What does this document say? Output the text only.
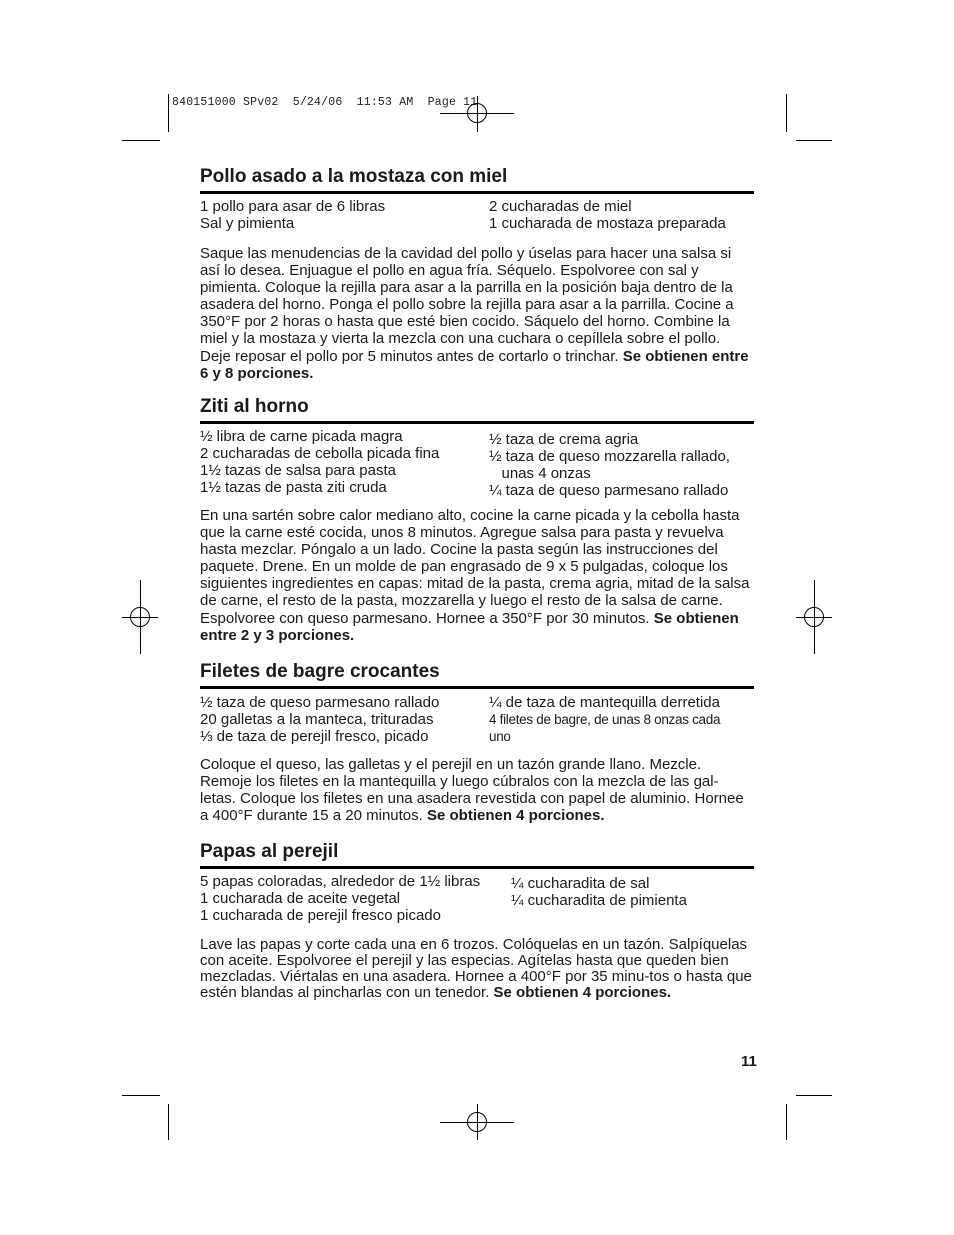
840151000 SPv02  5/24/06  11:53 AM  Page 11
Pollo asado a la mostaza con miel
1 pollo para asar de 6 libras
Sal y pimienta
2 cucharadas de miel
1 cucharada de mostaza preparada

Saque las menudencias de la cavidad del pollo y úselas para hacer una salsa si así lo desea. Enjuague el pollo en agua fría. Séquelo. Espolvoree con sal y pimienta. Coloque la rejilla para asar a la parrilla en la posición baja dentro de la asadera del horno. Ponga el pollo sobre la rejilla para asar a la parrilla. Cocine a 350°F por 2 horas o hasta que esté bien cocido. Sáquelo del horno. Combine la miel y la mostaza y vierta la mezcla con una cuchara o cepíllela sobre el pollo. Deje reposar el pollo por 5 minutos antes de cortarlo o trinchar. Se obtienen entre 6 y 8 porciones.

Ziti al horno
½ libra de carne picada magra
2 cucharadas de cebolla picada fina
1½ tazas de salsa para pasta
1½ tazas de pasta ziti cruda
½ taza de crema agria
½ taza de queso mozzarella rallado,
unas 4 onzas
¼ taza de queso parmesano rallado

En una sartén sobre calor mediano alto, cocine la carne picada y la cebolla hasta que la carne esté cocida, unos 8 minutos. Agregue salsa para pasta y revuelva hasta mezclar. Póngalo a un lado. Cocine la pasta según las instrucciones del paquete. Drene. En un molde de pan engrasado de 9 x 5 pulgadas, coloque los siguientes ingredientes en capas: mitad de la pasta, crema agria, mitad de la salsa de carne, el resto de la pasta, mozzarella y luego el resto de la salsa de carne. Espolvoree con queso parmesano. Hornee a 350°F por 30 minutos. Se obtienen entre 2 y 3 porciones.

Filetes de bagre crocantes
½ taza de queso parmesano rallado
20 galletas a la manteca, trituradas
⅓ de taza de perejil fresco, picado
¼ de taza de mantequilla derretida
4 filetes de bagre, de unas 8 onzas cada
uno

Coloque el queso, las galletas y el perejil en un tazón grande llano. Mezcle. Remoje los filetes en la mantequilla y luego cúbralos con la mezcla de las gal-letas. Coloque los filetes en una asadera revestida con papel de aluminio. Hornee a 400°F durante 15 a 20 minutos. Se obtienen 4 porciones.

Papas al perejil
5 papas coloradas, alrededor de 1½ libras
1 cucharada de aceite vegetal
1 cucharada de perejil fresco picado
¼ cucharadita de sal
¼ cucharadita de pimienta

Lave las papas y corte cada una en 6 trozos. Colóquelas en un tazón. Salpíquelas con aceite. Espolvoree el perejil y las especias. Agítelas hasta que queden bien mezcladas. Viértalas en una asadera. Hornee a 400°F por 35 minu-tos o hasta que estén blandas al pincharlas con un tenedor. Se obtienen 4 porciones.

11
